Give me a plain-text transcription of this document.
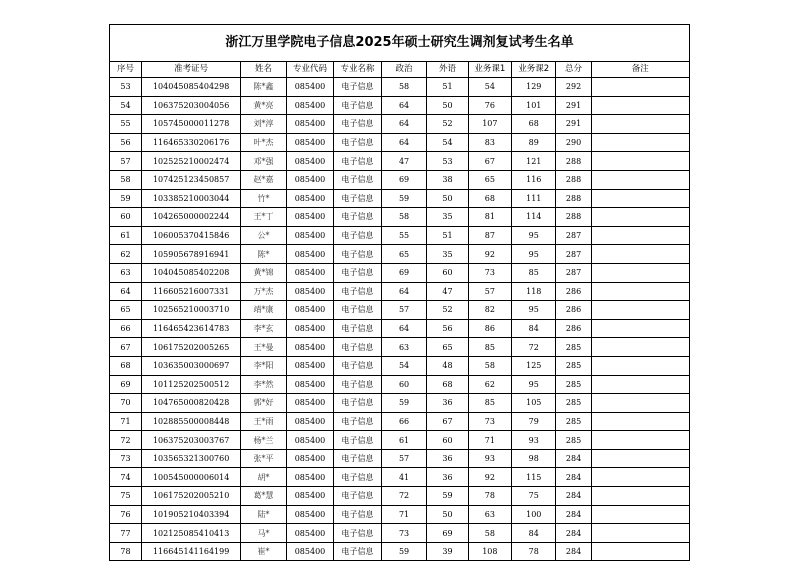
浙江万里学院电子信息2025年硕士研究生调剂复试考生名单										
序号	准考证号	姓名	专业代码	专业名称	政治	外语	业务课1	业务课2	总分	备注
53	104045085404298	陈*鑫	085400	电子信息	58	51	54	129	292	
54	106375203004056	黄*亮	085400	电子信息	64	50	76	101	291	
55	105745000011278	刘*淳	085400	电子信息	64	52	107	68	291	
56	116465330206176	叶*杰	085400	电子信息	64	54	83	89	290	
57	102525210002474	邓*强	085400	电子信息	47	53	67	121	288	
58	107425123450857	赵*嘉	085400	电子信息	69	38	65	116	288	
59	103385210003044	竹*	085400	电子信息	59	50	68	111	288	
60	104265000002244	王*丁	085400	电子信息	58	35	81	114	288	
61	106005370415846	公*	085400	电子信息	55	51	87	95	287	
62	105905678916941	陈*	085400	电子信息	65	35	92	95	287	
63	104045085402208	黄*锦	085400	电子信息	69	60	73	85	287	
64	116605216007331	万*杰	085400	电子信息	64	47	57	118	286	
65	102565210003710	靖*康	085400	电子信息	57	52	82	95	286	
66	116465423614783	李*玄	085400	电子信息	64	56	86	84	286	
67	106175202005265	王*曼	085400	电子信息	63	65	85	72	285	
68	103635003000697	李*阳	085400	电子信息	54	48	58	125	285	
69	101125202500512	李*然	085400	电子信息	60	68	62	95	285	
70	104765000820428	郭*好	085400	电子信息	59	36	85	105	285	
71	102885500008448	王*雨	085400	电子信息	66	67	73	79	285	
72	106375203003767	杨*兰	085400	电子信息	61	60	71	93	285	
73	103565321300760	张*平	085400	电子信息	57	36	93	98	284	
74	100545000006014	胡*	085400	电子信息	41	36	92	115	284	
75	106175202005210	葛*慧	085400	电子信息	72	59	78	75	284	
76	101905210403394	陆*	085400	电子信息	71	50	63	100	284	
77	102125085410413	马*	085400	电子信息	73	69	58	84	284	
78	116645141164199	崔*	085400	电子信息	59	39	108	78	284	
